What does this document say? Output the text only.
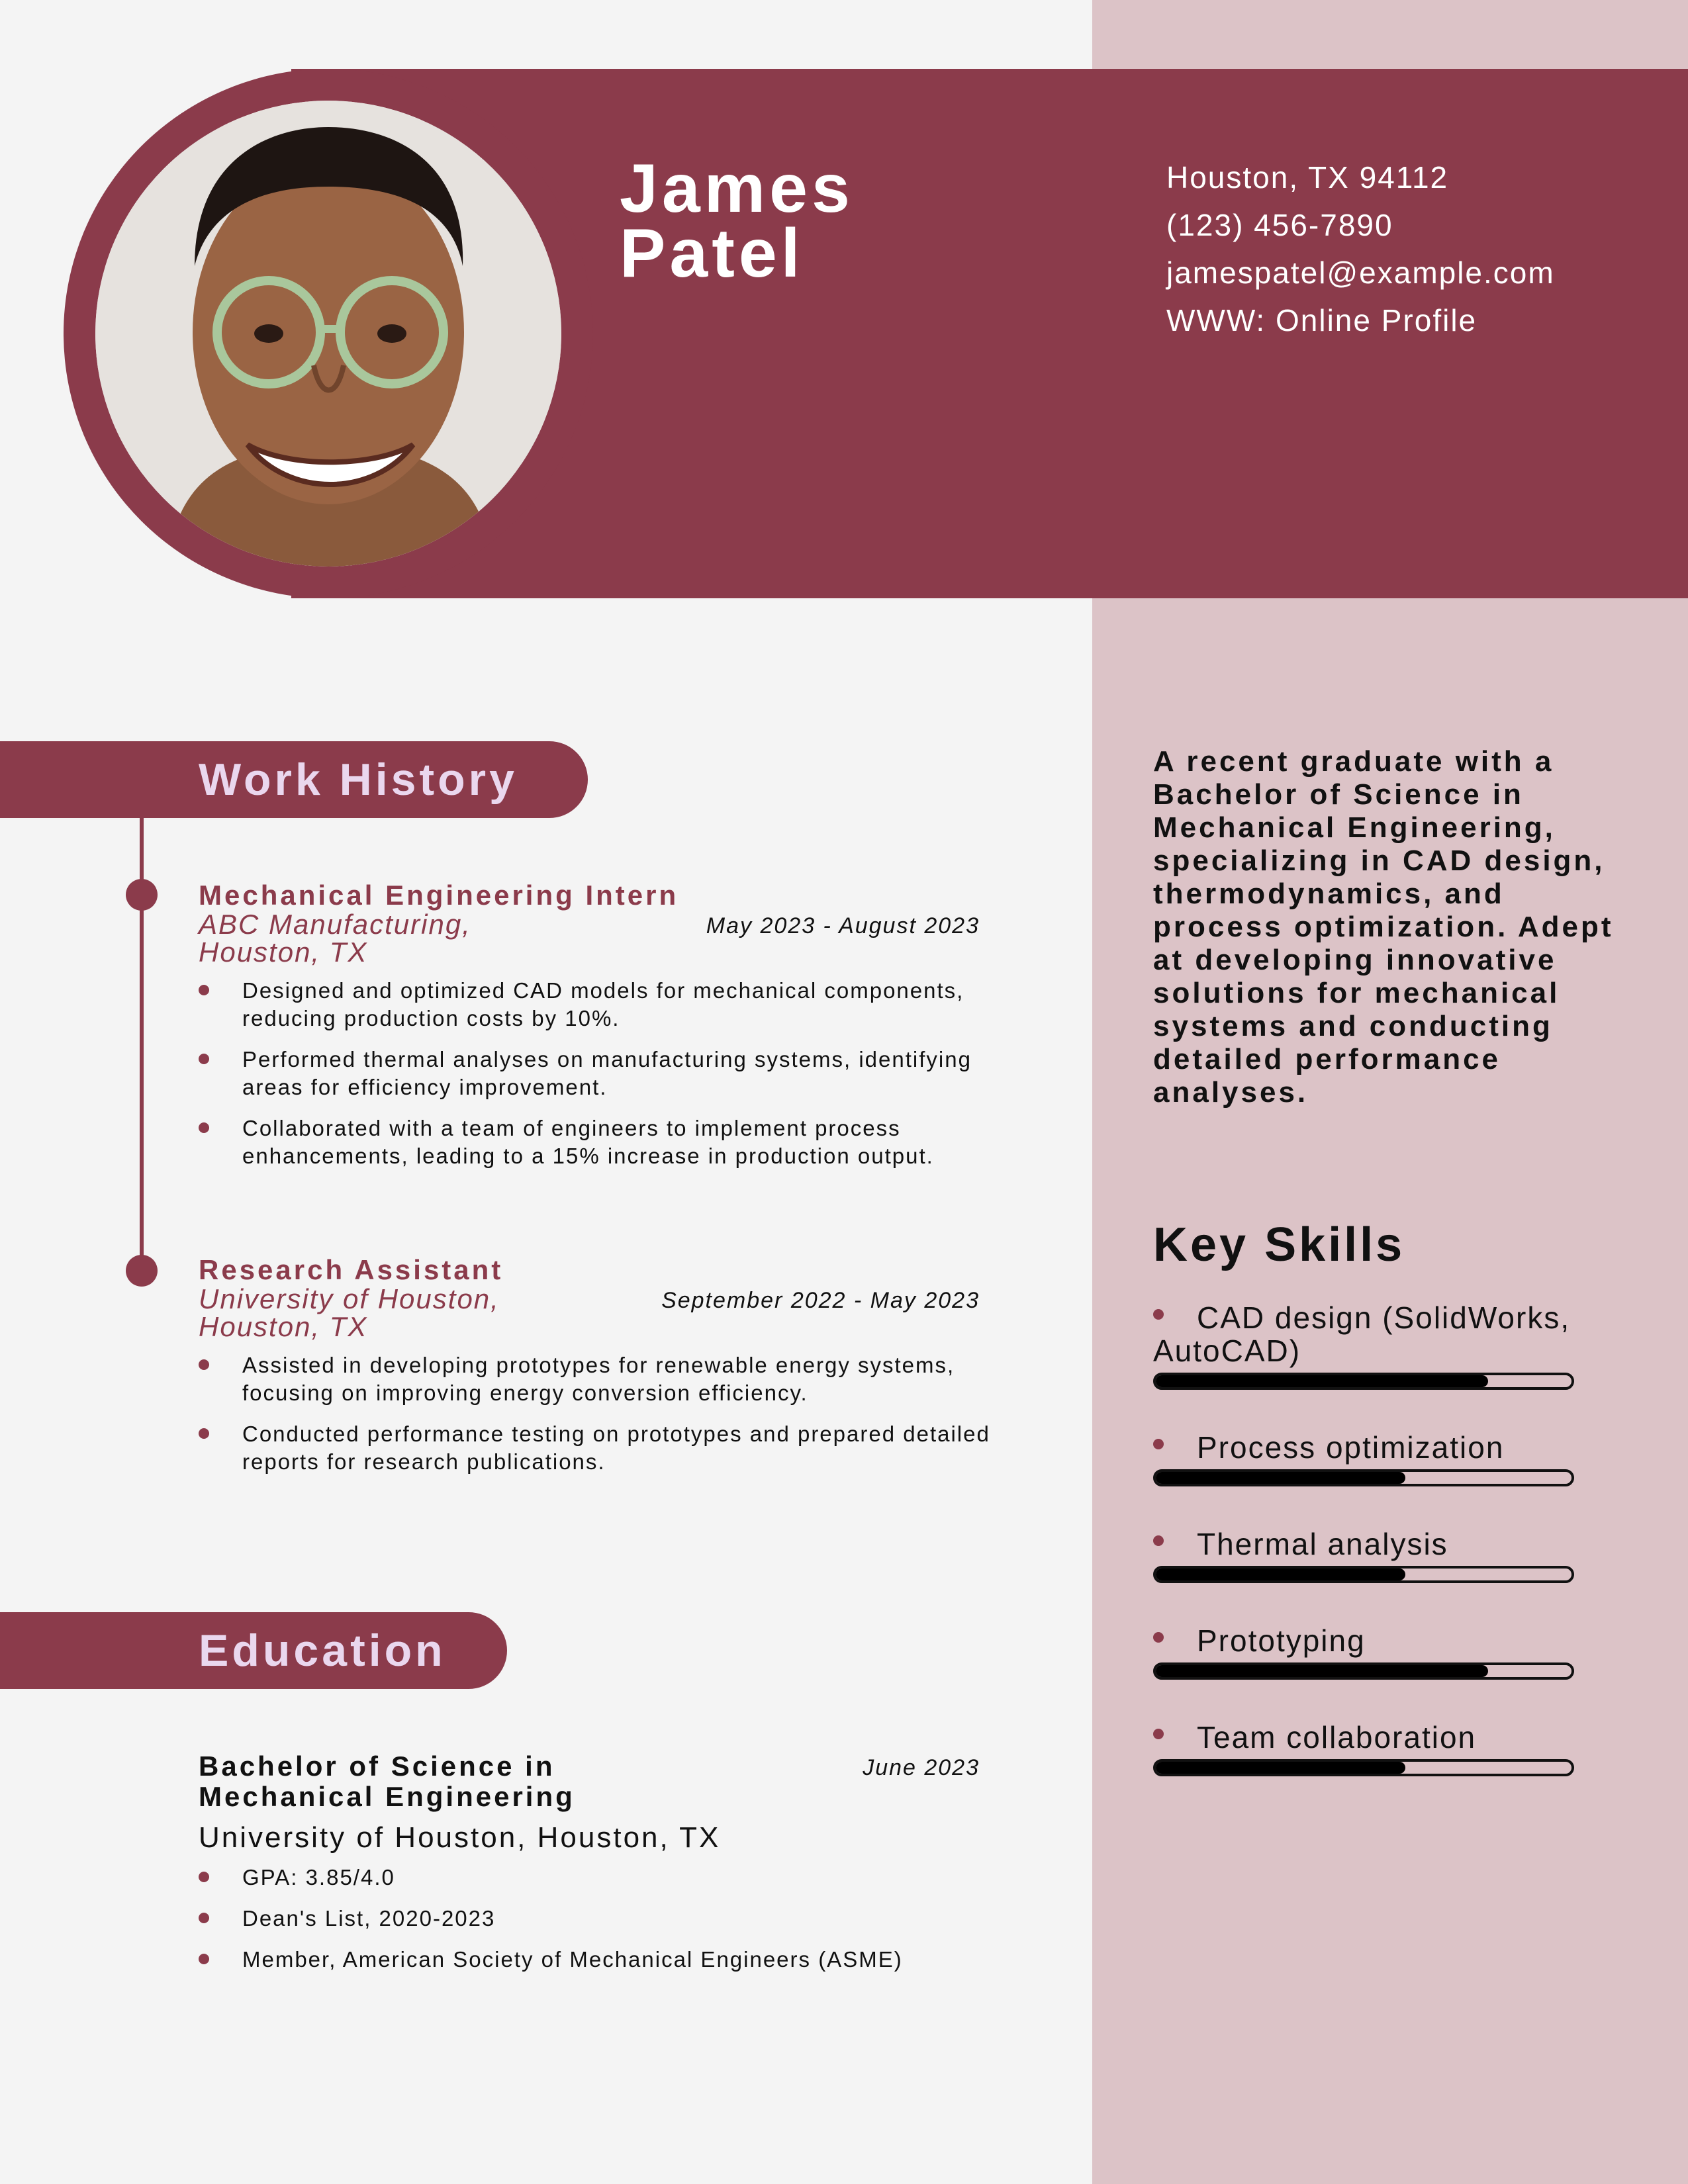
James
Patel
Houston, TX 94112
(123) 456-7890
jamespatel@example.com
WWW: Online Profile
Work History
Mechanical Engineering Intern
ABC Manufacturing, Houston, TX
May 2023 - August 2023
Designed and optimized CAD models for mechanical components, reducing production costs by 10%.
Performed thermal analyses on manufacturing systems, identifying areas for efficiency improvement.
Collaborated with a team of engineers to implement process enhancements, leading to a 15% increase in production output.
Research Assistant
University of Houston, Houston, TX
September 2022 - May 2023
Assisted in developing prototypes for renewable energy systems, focusing on improving energy conversion efficiency.
Conducted performance testing on prototypes and prepared detailed reports for research publications.
Education
Bachelor of Science in
Mechanical Engineering
June 2023
University of Houston, Houston, TX
GPA: 3.85/4.0
Dean's List, 2020-2023
Member, American Society of Mechanical Engineers (ASME)
A recent graduate with a Bachelor of Science in Mechanical Engineering, specializing in CAD design, thermodynamics, and process optimization. Adept at developing innovative solutions for mechanical systems and conducting detailed performance analyses.
Key Skills
CAD design (SolidWorks, AutoCAD)
Process optimization
Thermal analysis
Prototyping
Team collaboration
